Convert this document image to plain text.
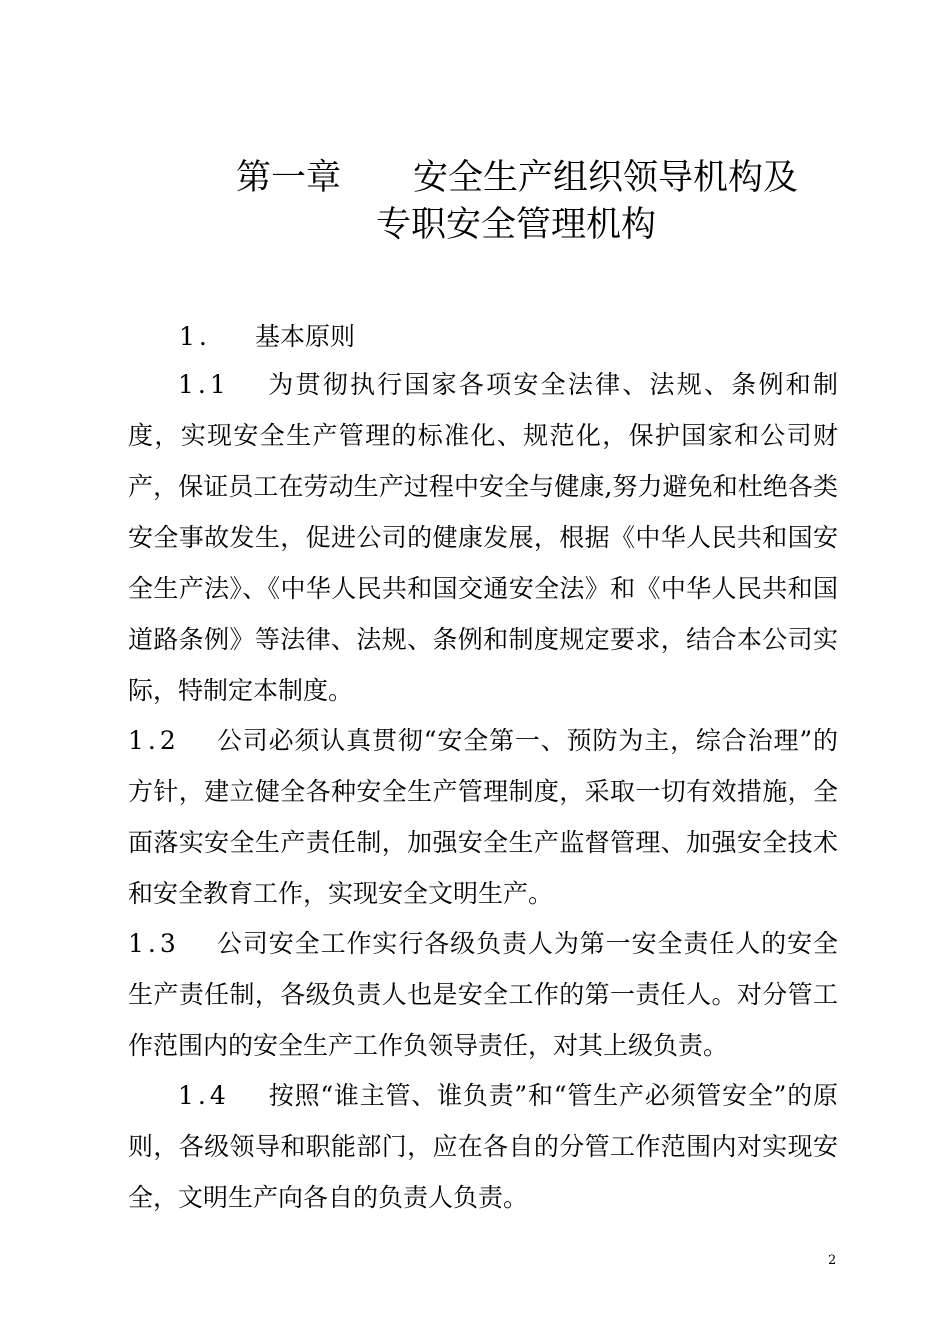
第一章 安全生产组织领导机构及
专职安全管理机构
1. 基本原则
1.1 为贯彻执行国家各项安全法律、法规、条例和制度，实现安全生产管理的标准化、规范化，保护国家和公司财产，保证员工在劳动生产过程中安全与健康,努力避免和杜绝各类安全事故发生，促进公司的健康发展，根据《中华人民共和国安全生产法》、《中华人民共和国交通安全法》和《中华人民共和国道路条例》等法律、法规、条例和制度规定要求，结合本公司实际，特制定本制度。
1.2 公司必须认真贯彻“安全第一、预防为主，综合治理”的方针，建立健全各种安全生产管理制度，采取一切有效措施，全面落实安全生产责任制，加强安全生产监督管理、加强安全技术和安全教育工作，实现安全文明生产。
1.3 公司安全工作实行各级负责人为第一安全责任人的安全生产责任制，各级负责人也是安全工作的第一责任人。对分管工作范围内的安全生产工作负领导责任，对其上级负责。
1.4 按照“谁主管、谁负责”和“管生产必须管安全”的原则，各级领导和职能部门，应在各自的分管工作范围内对实现安全，文明生产向各自的负责人负责。
2
